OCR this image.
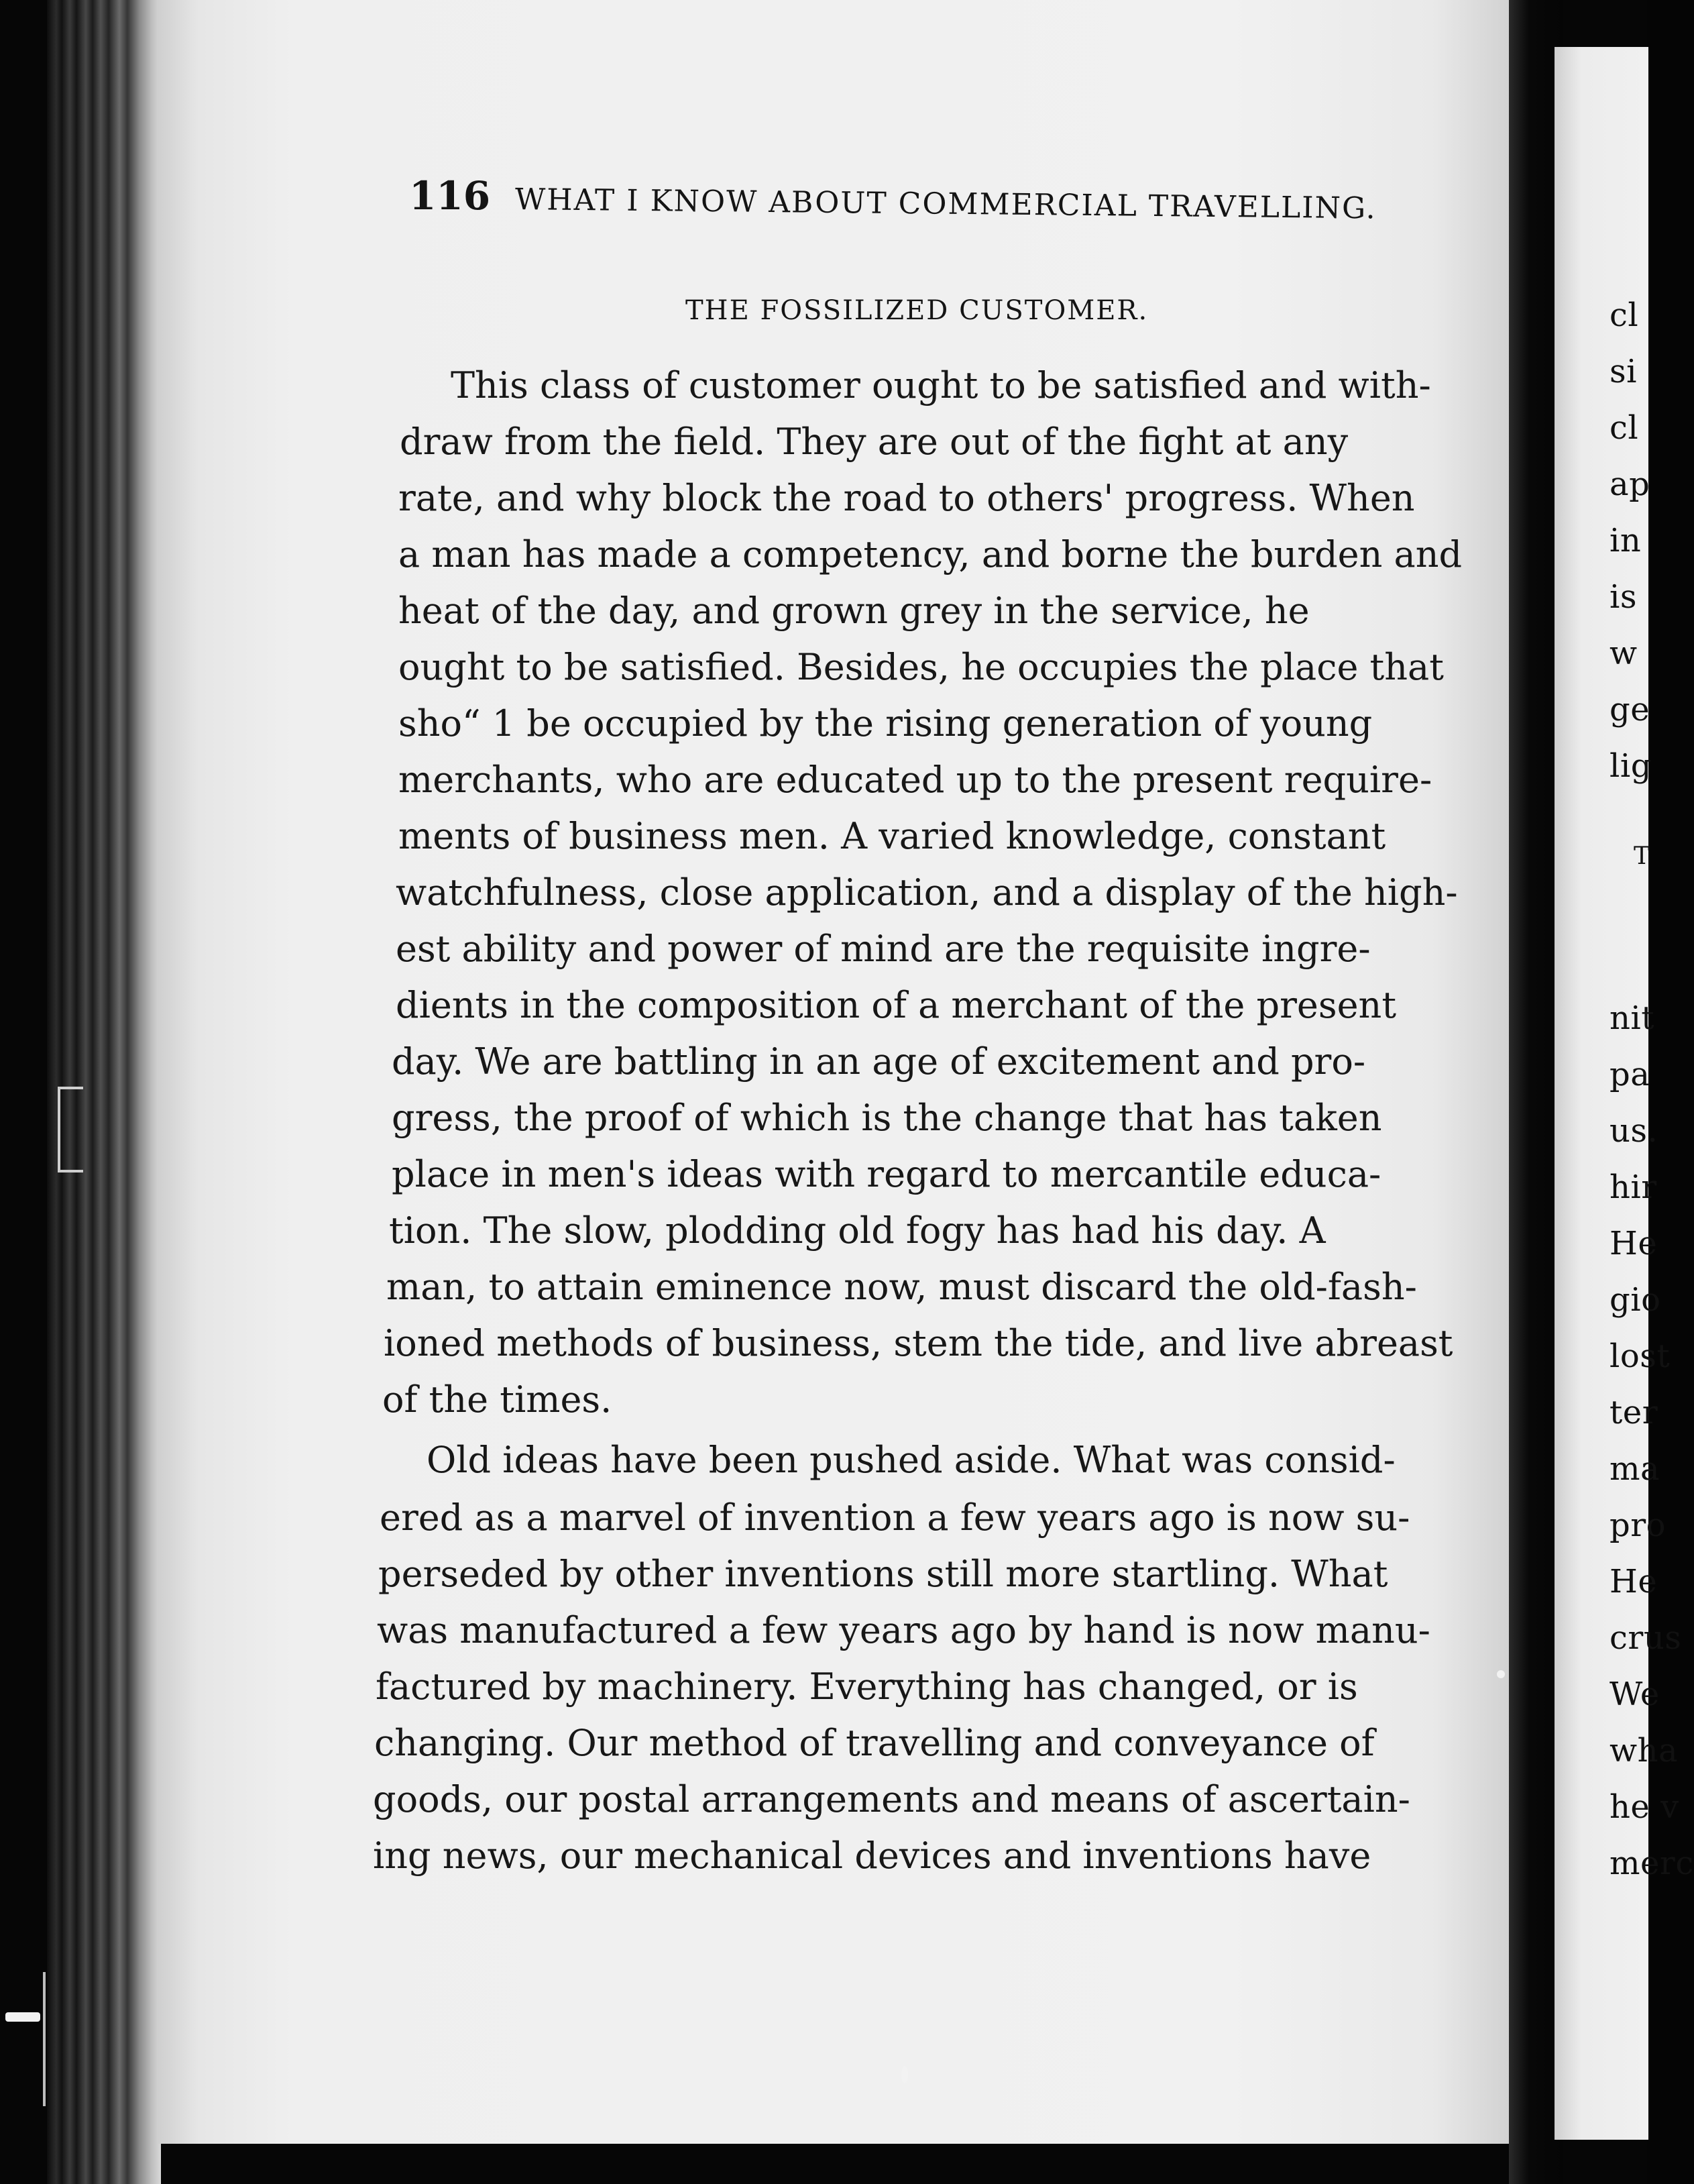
116 WHAT I KNOW ABOUT COMMERCIAL TRAVELLING.
THE FOSSILIZED CUSTOMER.
This class of customer ought to be satisfied and with-
draw from the field. They are out of the fight at any
rate, and why block the road to others' progress. When
a man has made a competency, and borne the burden and
heat of the day, and grown grey in the service, he
ought to be satisfied. Besides, he occupies the place that
sho“ 1 be occupied by the rising generation of young
merchants, who are educated up to the present require-
ments of business men. A varied knowledge, constant
watchfulness, close application, and a display of the high-
est ability and power of mind are the requisite ingre-
dients in the composition of a merchant of the present
day. We are battling in an age of excitement and pro-
gress, the proof of which is the change that has taken
place in men's ideas with regard to mercantile educa-
tion. The slow, plodding old fogy has had his day. A
man, to attain eminence now, must discard the old-fash-
ioned methods of business, stem the tide, and live abreast
of the times.
Old ideas have been pushed aside. What was consid-
ered as a marvel of invention a few years ago is now su-
perseded by other inventions still more startling. What
was manufactured a few years ago by hand is now manu-
factured by machinery. Everything has changed, or is
changing. Our method of travelling and conveyance of
goods, our postal arrangements and means of ascertain-
ing news, our mechanical devices and inventions have
cl
si
cl
ap
in
is
w
ge
lig
T
nit
pa
us.
hir
He
gio
lost
ter
ma
pro
He
crus
We
wha
he v
merc
